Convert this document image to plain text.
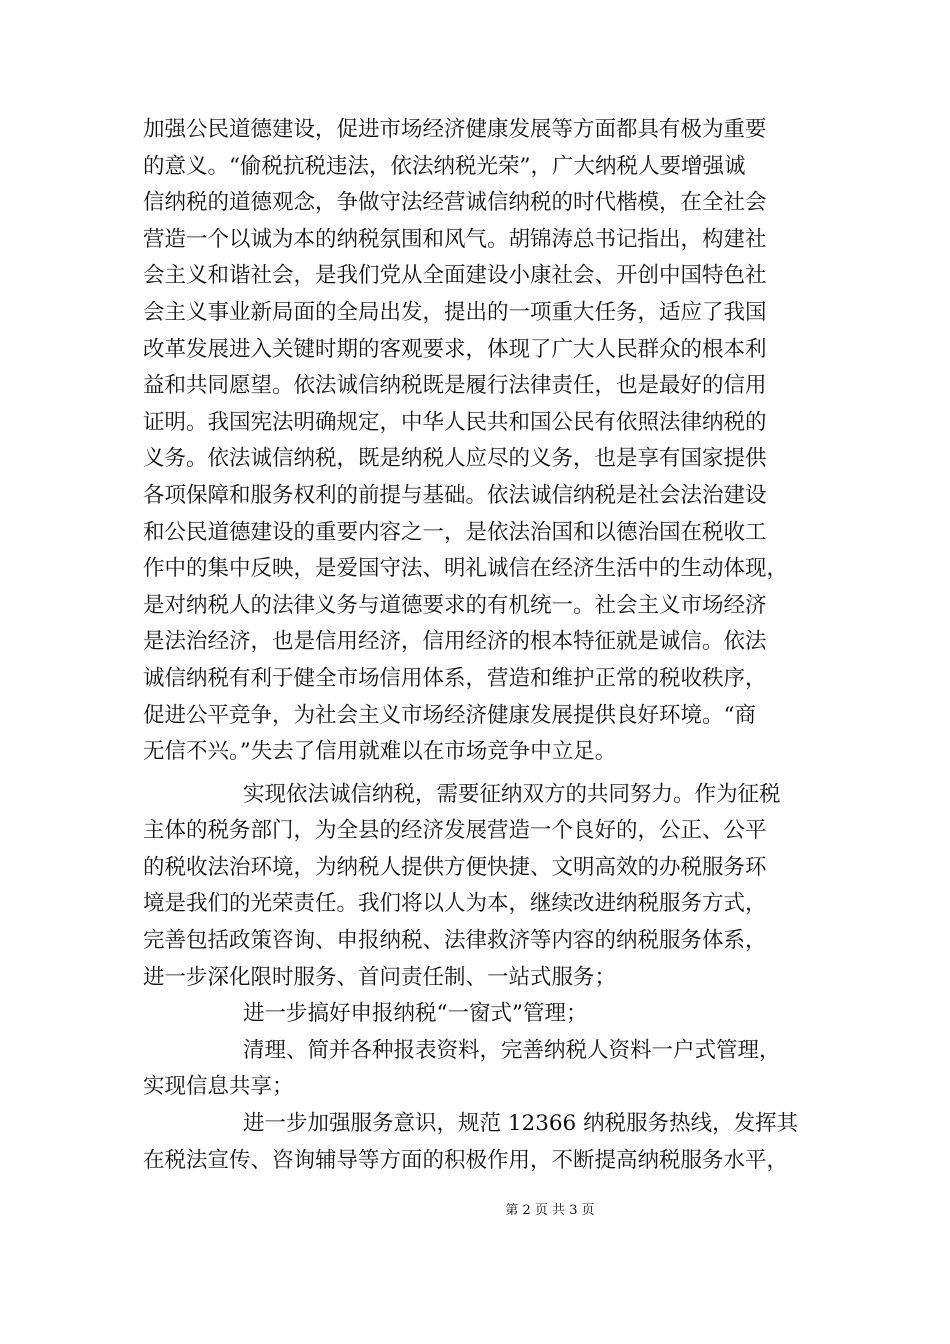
加强公民道德建设，促进市场经济健康发展等方面都具有极为重要
的意义。“偷税抗税违法，依法纳税光荣”，广大纳税人要增强诚
信纳税的道德观念，争做守法经营诚信纳税的时代楷模，在全社会
营造一个以诚为本的纳税氛围和风气。胡锦涛总书记指出，构建社
会主义和谐社会，是我们党从全面建设小康社会、开创中国特色社
会主义事业新局面的全局出发，提出的一项重大任务，适应了我国
改革发展进入关键时期的客观要求，体现了广大人民群众的根本利
益和共同愿望。依法诚信纳税既是履行法律责任，也是最好的信用
证明。我国宪法明确规定，中华人民共和国公民有依照法律纳税的
义务。依法诚信纳税，既是纳税人应尽的义务，也是享有国家提供
各项保障和服务权利的前提与基础。依法诚信纳税是社会法治建设
和公民道德建设的重要内容之一，是依法治国和以德治国在税收工
作中的集中反映，是爱国守法、明礼诚信在经济生活中的生动体现，
是对纳税人的法律义务与道德要求的有机统一。社会主义市场经济
是法治经济，也是信用经济，信用经济的根本特征就是诚信。依法
诚信纳税有利于健全市场信用体系，营造和维护正常的税收秩序，
促进公平竞争，为社会主义市场经济健康发展提供良好环境。“商
无信不兴。”失去了信用就难以在市场竞争中立足。
实现依法诚信纳税，需要征纳双方的共同努力。作为征税
主体的税务部门，为全县的经济发展营造一个良好的，公正、公平
的税收法治环境，为纳税人提供方便快捷、文明高效的办税服务环
境是我们的光荣责任。我们将以人为本，继续改进纳税服务方式，
完善包括政策咨询、申报纳税、法律救济等内容的纳税服务体系，
进一步深化限时服务、首问责任制、一站式服务；
进一步搞好申报纳税“一窗式”管理；
清理、简并各种报表资料，完善纳税人资料一户式管理，
实现信息共享；
进一步加强服务意识，规范 12366 纳税服务热线，发挥其
在税法宣传、咨询辅导等方面的积极作用，不断提高纳税服务水平，
第 2 页 共 3 页
